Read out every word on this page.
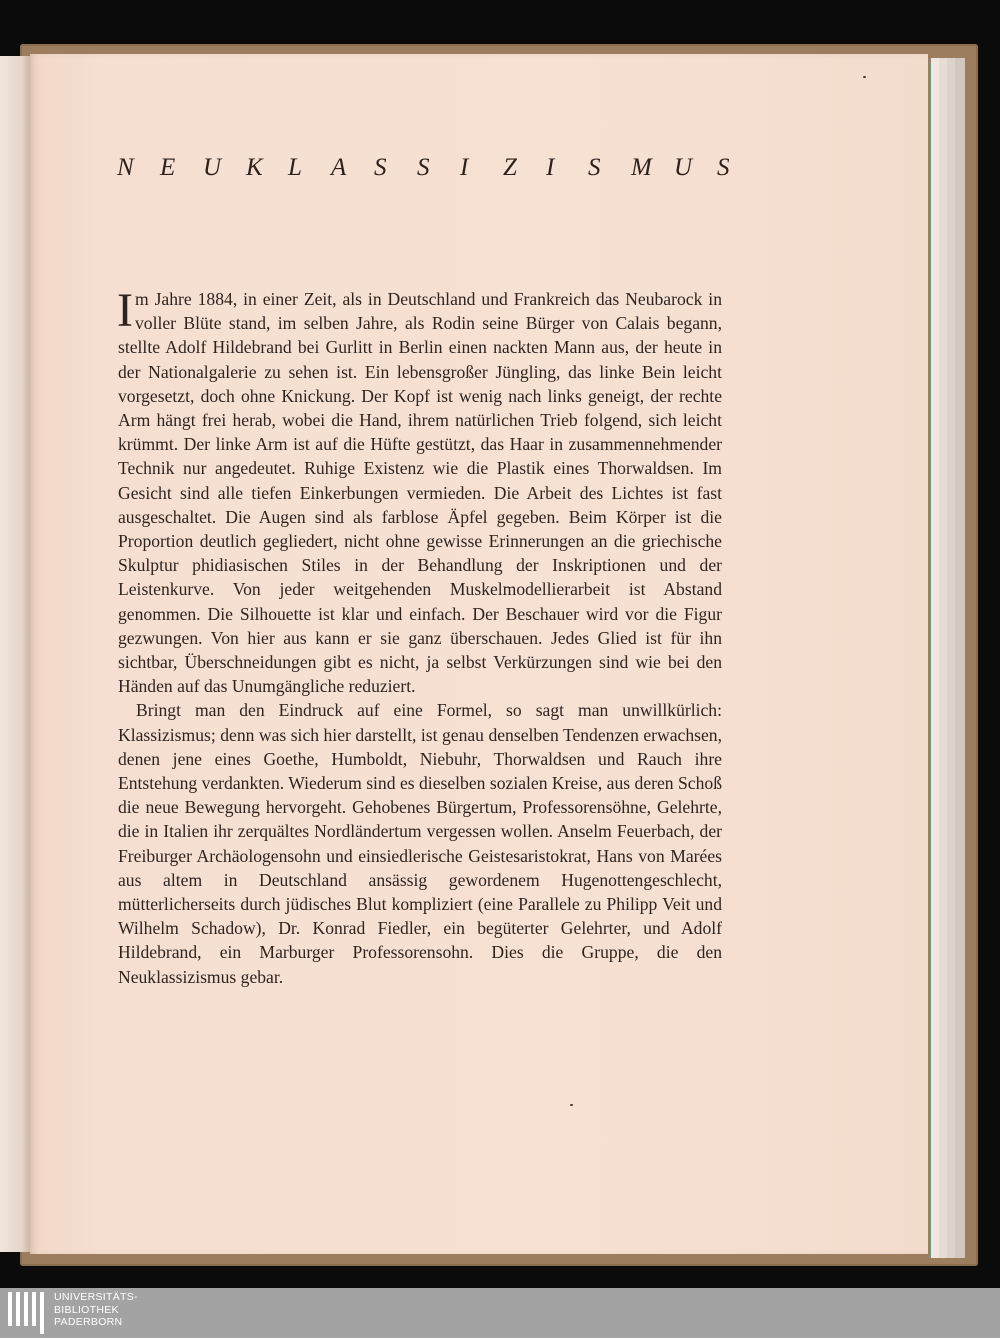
N E U K L A S S I Z I S M U S

Im Jahre 1884, in einer Zeit, als in Deutschland und Frankreich das Neubarock in voller Blüte stand, im selben Jahre, als Rodin seine Bürger von Calais begann, stellte Adolf Hildebrand bei Gurlitt in Berlin einen nackten Mann aus, der heute in der Nationalgalerie zu sehen ist. Ein lebensgroßer Jüngling, das linke Bein leicht vorgesetzt, doch ohne Knickung. Der Kopf ist wenig nach links geneigt, der rechte Arm hängt frei herab, wobei die Hand, ihrem natürlichen Trieb folgend, sich leicht krümmt. Der linke Arm ist auf die Hüfte gestützt, das Haar in zusammennehmender Technik nur angedeutet. Ruhige Existenz wie die Plastik eines Thorwaldsen. Im Gesicht sind alle tiefen Einkerbungen vermieden. Die Arbeit des Lichtes ist fast ausgeschaltet. Die Augen sind als farblose Äpfel gegeben. Beim Körper ist die Proportion deutlich gegliedert, nicht ohne gewisse Erinnerungen an die griechische Skulptur phidiasischen Stiles in der Behandlung der Inskriptionen und der Leistenkurve. Von jeder weitgehenden Muskelmodellierarbeit ist Abstand genommen. Die Silhouette ist klar und einfach. Der Beschauer wird vor die Figur gezwungen. Von hier aus kann er sie ganz überschauen. Jedes Glied ist für ihn sichtbar, Überschneidungen gibt es nicht, ja selbst Verkürzungen sind wie bei den Händen auf das Unumgängliche reduziert.

Bringt man den Eindruck auf eine Formel, so sagt man unwillkürlich: Klassizismus; denn was sich hier darstellt, ist genau denselben Tendenzen erwachsen, denen jene eines Goethe, Humboldt, Niebuhr, Thorwaldsen und Rauch ihre Entstehung verdankten. Wiederum sind es dieselben sozialen Kreise, aus deren Schoß die neue Bewegung hervorgeht. Gehobenes Bürgertum, Professorensöhne, Gelehrte, die in Italien ihr zerquältes Nordländertum vergessen wollen. Anselm Feuerbach, der Freiburger Archäologensohn und einsiedlerische Geistesaristokrat, Hans von Marées aus altem in Deutschland ansässig gewordenem Hugenottengeschlecht, mütterlicherseits durch jüdisches Blut kompliziert (eine Parallele zu Philipp Veit und Wilhelm Schadow), Dr. Konrad Fiedler, ein begüterter Gelehrter, und Adolf Hildebrand, ein Marburger Professorensohn. Dies die Gruppe, die den Neuklassizismus gebar.

UNIVERSITÄTS-
BIBLIOTHEK
PADERBORN
